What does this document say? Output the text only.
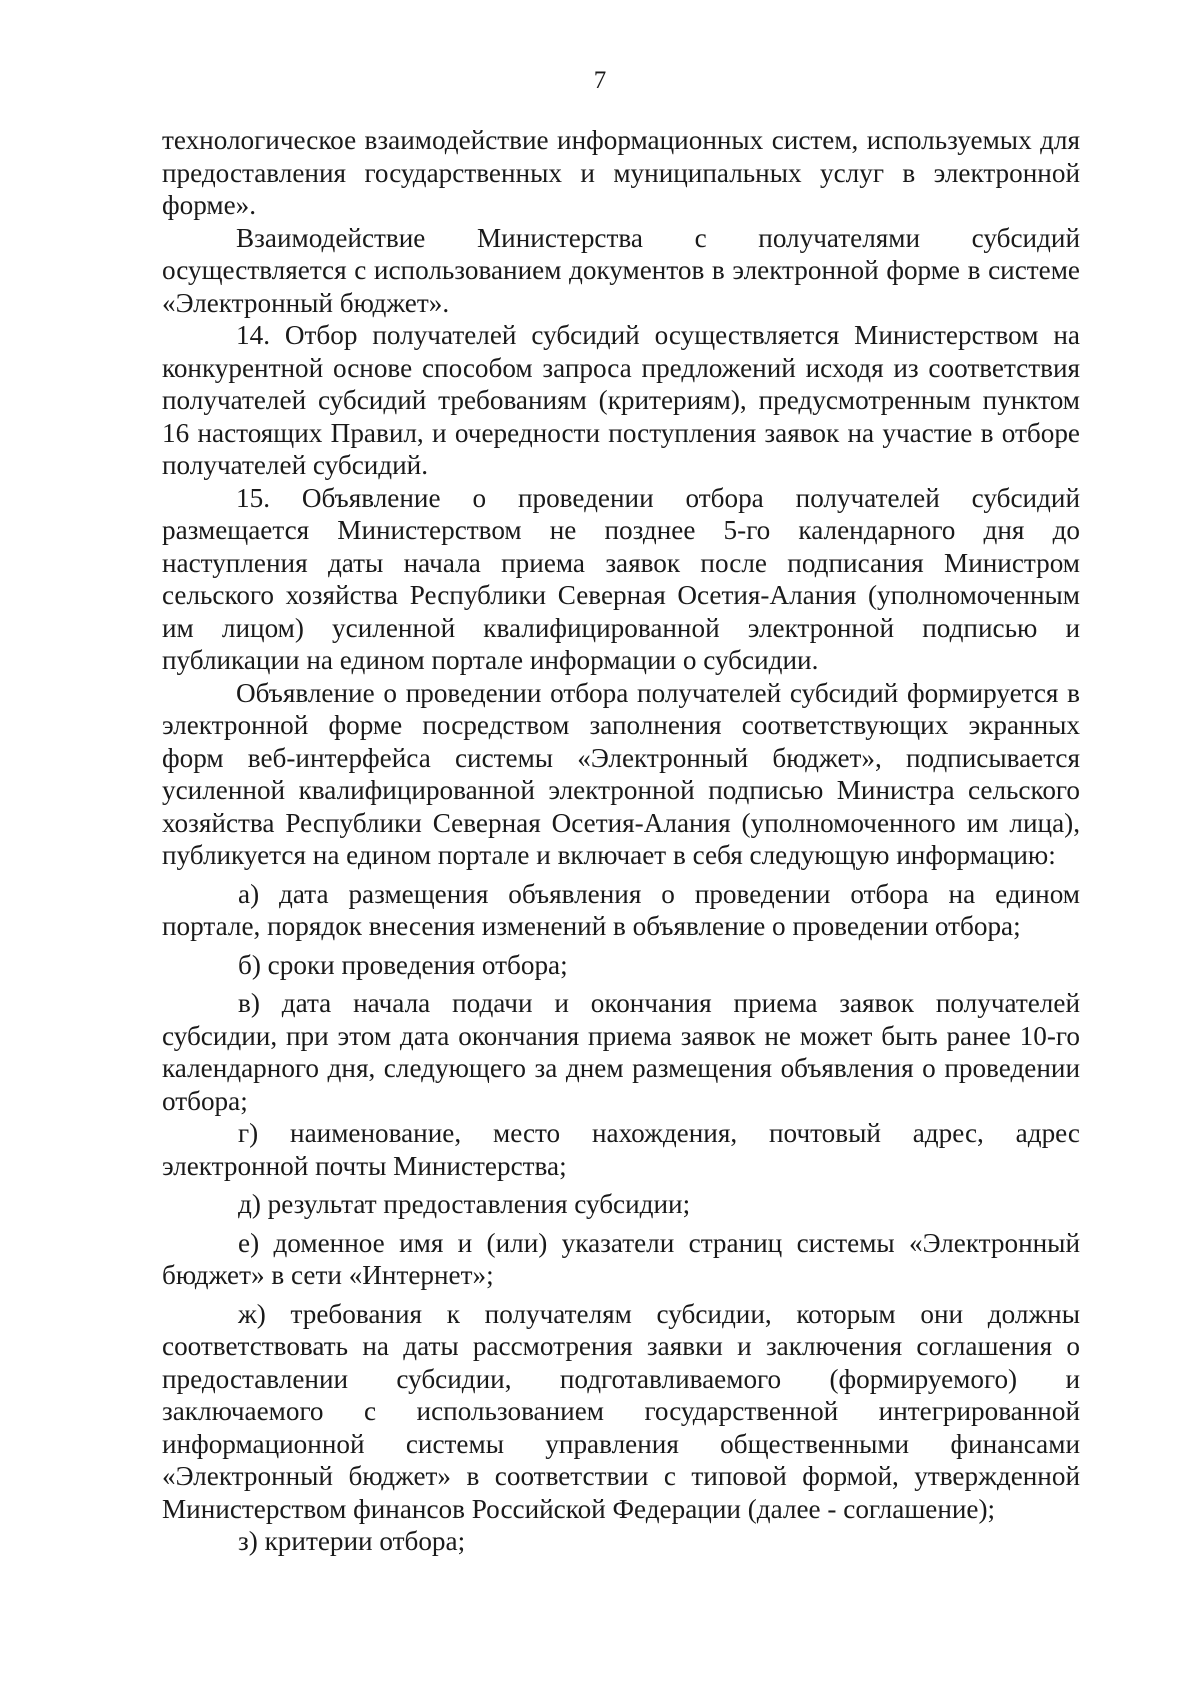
7

технологическое взаимодействие информационных систем, используемых для предоставления государственных и муниципальных услуг в электронной форме».

Взаимодействие Министерства с получателями субсидий осуществляется с использованием документов в электронной форме в системе «Электронный бюджет».

14. Отбор получателей субсидий осуществляется Министерством на конкурентной основе способом запроса предложений исходя из соответствия получателей субсидий требованиям (критериям), предусмотренным пунктом 16 настоящих Правил, и очередности поступления заявок на участие в отборе получателей субсидий.

15. Объявление о проведении отбора получателей субсидий размещается Министерством не позднее 5-го календарного дня до наступления даты начала приема заявок после подписания Министром сельского хозяйства Республики Северная Осетия-Алания (уполномоченным им лицом) усиленной квалифицированной электронной подписью и публикации на едином портале информации о субсидии.

Объявление о проведении отбора получателей субсидий формируется в электронной форме посредством заполнения соответствующих экранных форм веб-интерфейса системы «Электронный бюджет», подписывается усиленной квалифицированной электронной подписью Министра сельского хозяйства Республики Северная Осетия-Алания (уполномоченного им лица), публикуется на едином портале и включает в себя следующую информацию:

а) дата размещения объявления о проведении отбора на едином портале, порядок внесения изменений в объявление о проведении отбора;

б) сроки проведения отбора;

в) дата начала подачи и окончания приема заявок получателей субсидии, при этом дата окончания приема заявок не может быть ранее 10-го календарного дня, следующего за днем размещения объявления о проведении отбора;

г) наименование, место нахождения, почтовый адрес, адрес электронной почты Министерства;

д) результат предоставления субсидии;

е) доменное имя и (или) указатели страниц системы «Электронный бюджет» в сети «Интернет»;

ж) требования к получателям субсидии, которым они должны соответствовать на даты рассмотрения заявки и заключения соглашения о предоставлении субсидии, подготавливаемого (формируемого) и заключаемого с использованием государственной интегрированной информационной системы управления общественными финансами «Электронный бюджет» в соответствии с типовой формой, утвержденной Министерством финансов Российской Федерации (далее - соглашение);

з) критерии отбора;
